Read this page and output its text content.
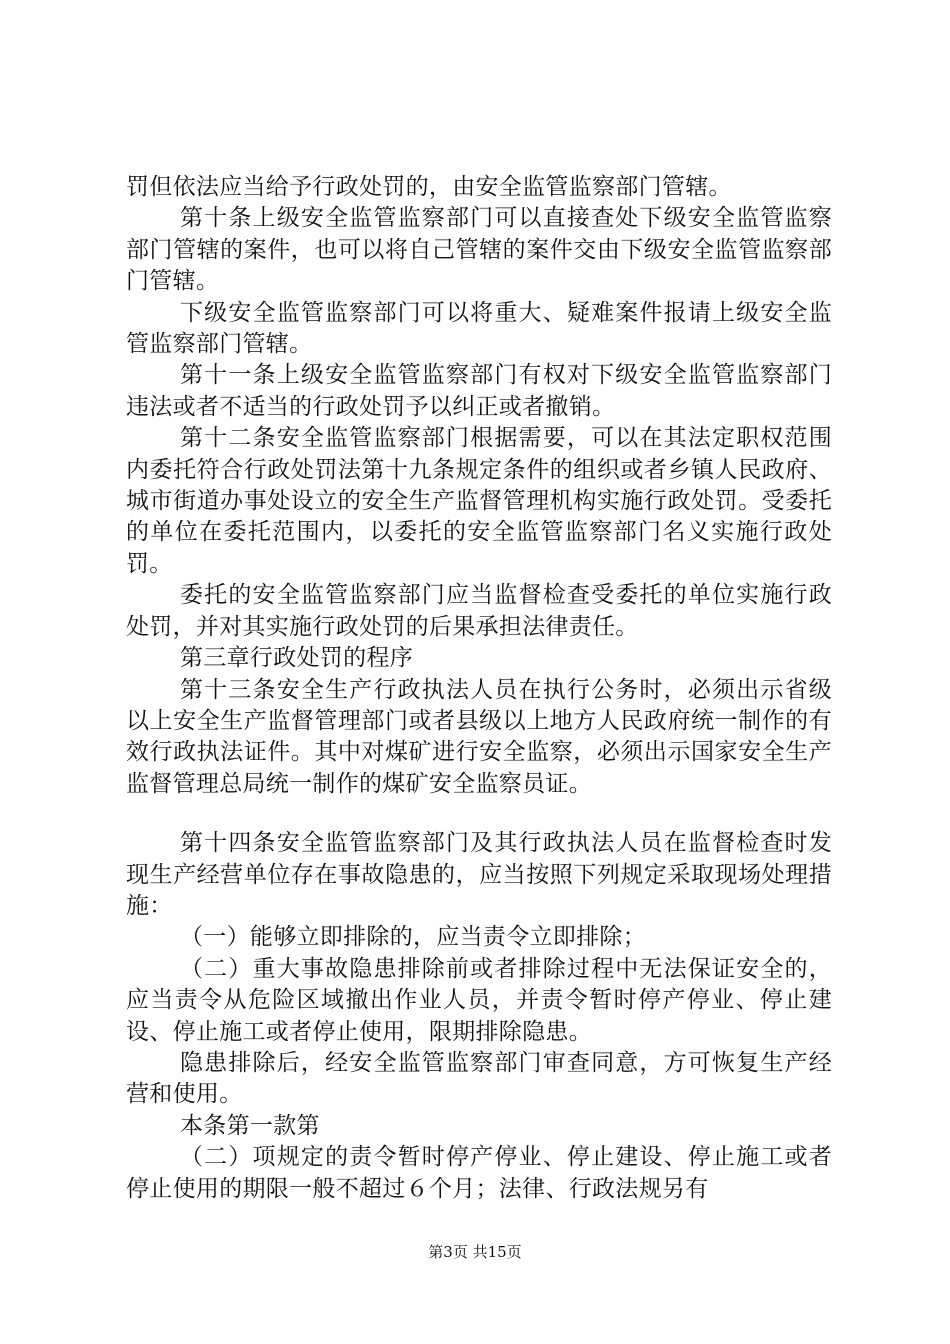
罚但依法应当给予行政处罚的，由安全监管监察部门管辖。

第十条上级安全监管监察部门可以直接查处下级安全监管监察部门管辖的案件，也可以将自己管辖的案件交由下级安全监管监察部门管辖。

下级安全监管监察部门可以将重大、疑难案件报请上级安全监管监察部门管辖。

第十一条上级安全监管监察部门有权对下级安全监管监察部门违法或者不适当的行政处罚予以纠正或者撤销。

第十二条安全监管监察部门根据需要，可以在其法定职权范围内委托符合行政处罚法第十九条规定条件的组织或者乡镇人民政府、城市街道办事处设立的安全生产监督管理机构实施行政处罚。受委托的单位在委托范围内，以委托的安全监管监察部门名义实施行政处罚。

委托的安全监管监察部门应当监督检查受委托的单位实施行政处罚，并对其实施行政处罚的后果承担法律责任。

第三章行政处罚的程序

第十三条安全生产行政执法人员在执行公务时，必须出示省级以上安全生产监督管理部门或者县级以上地方人民政府统一制作的有效行政执法证件。其中对煤矿进行安全监察，必须出示国家安全生产监督管理总局统一制作的煤矿安全监察员证。

第十四条安全监管监察部门及其行政执法人员在监督检查时发现生产经营单位存在事故隐患的，应当按照下列规定采取现场处理措施：

（一）能够立即排除的，应当责令立即排除；

（二）重大事故隐患排除前或者排除过程中无法保证安全的，应当责令从危险区域撤出作业人员，并责令暂时停产停业、停止建设、停止施工或者停止使用，限期排除隐患。

隐患排除后，经安全监管监察部门审查同意，方可恢复生产经营和使用。

本条第一款第

（二）项规定的责令暂时停产停业、停止建设、停止施工或者停止使用的期限一般不超过６个月；法律、行政法规另有

第3页 共15页
